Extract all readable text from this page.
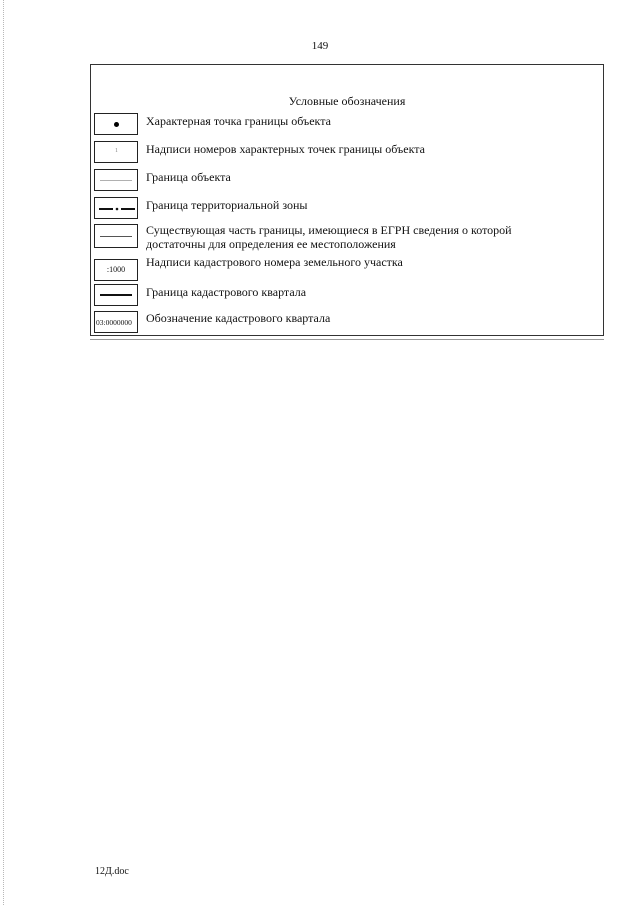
149
Условные обозначения
Характерная точка границы объекта
1 Надписи номеров характерных точек границы объекта
Граница объекта
Граница территориальной зоны
Существующая часть границы, имеющиеся в ЕГРН сведения о которой
достаточны для определения ее местоположения
:1000
Надписи кадастрового номера земельного участка
Граница кадастрового квартала
03:0000000	Обозначение кадастрового квартала
12Д.doc
